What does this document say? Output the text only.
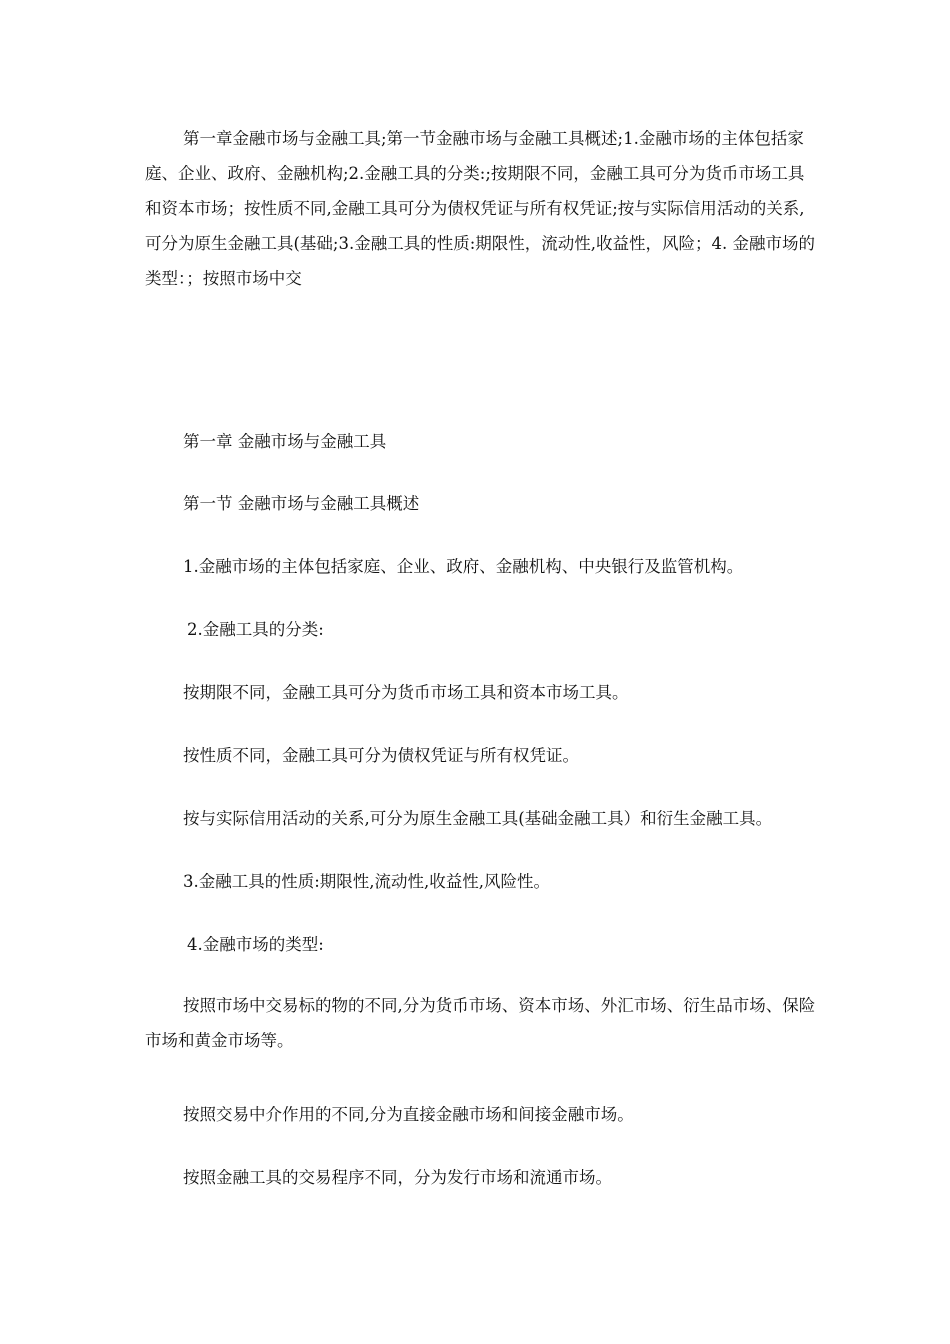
第一章金融市场与金融工具;第一节金融市场与金融工具概述;1.金融市场的主体包括家庭、企业、政府、金融机构;2.金融工具的分类:;按期限不同，金融工具可分为货币市场工具和资本市场；按性质不同,金融工具可分为债权凭证与所有权凭证;按与实际信用活动的关系,可分为原生金融工具(基础;3.金融工具的性质:期限性，流动性,收益性，风险；4. 金融市场的类型：；按照市场中交

第一章 金融市场与金融工具

第一节 金融市场与金融工具概述

1.金融市场的主体包括家庭、企业、政府、金融机构、中央银行及监管机构。

2.金融工具的分类:

按期限不同，金融工具可分为货币市场工具和资本市场工具。

按性质不同，金融工具可分为债权凭证与所有权凭证。

按与实际信用活动的关系,可分为原生金融工具(基础金融工具）和衍生金融工具。

3.金融工具的性质:期限性,流动性,收益性,风险性。

4.金融市场的类型:

按照市场中交易标的物的不同,分为货币市场、资本市场、外汇市场、衍生品市场、保险市场和黄金市场等。

按照交易中介作用的不同,分为直接金融市场和间接金融市场。

按照金融工具的交易程序不同，分为发行市场和流通市场。
